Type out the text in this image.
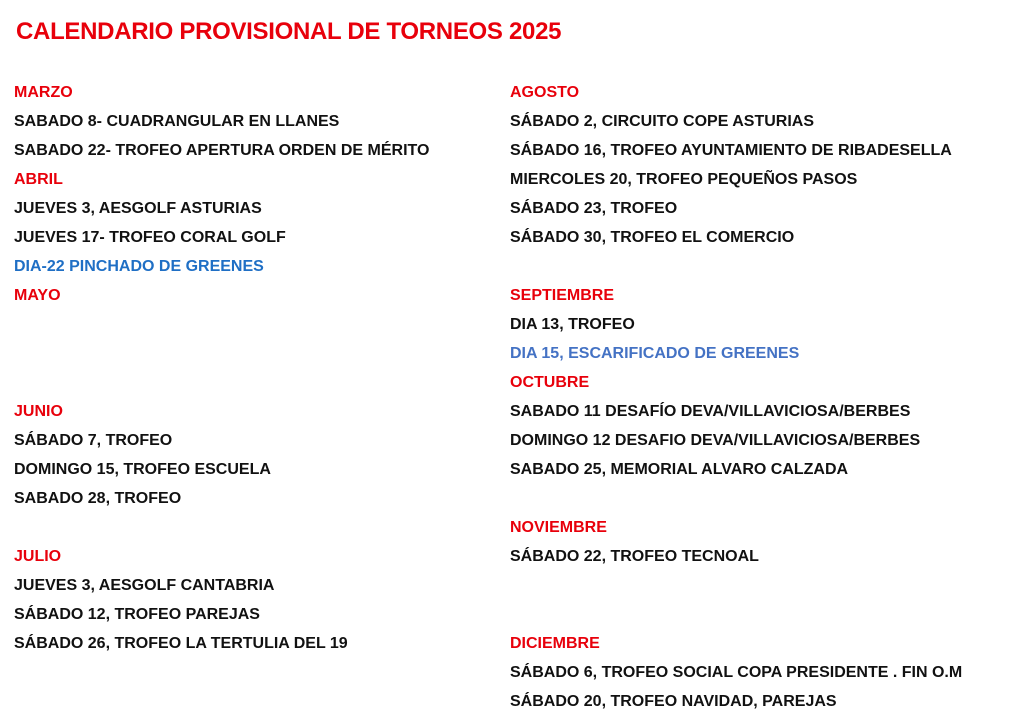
CALENDARIO PROVISIONAL DE TORNEOS 2025
MARZO
SABADO 8- CUADRANGULAR EN LLANES
SABADO 22- TROFEO APERTURA ORDEN DE MÉRITO
ABRIL
JUEVES 3, AESGOLF ASTURIAS
JUEVES 17- TROFEO CORAL GOLF
DIA-22 PINCHADO DE GREENES
MAYO
JUNIO
SÁBADO 7, TROFEO
DOMINGO 15, TROFEO ESCUELA
SABADO 28, TROFEO
JULIO
JUEVES 3, AESGOLF CANTABRIA
SÁBADO 12, TROFEO PAREJAS
SÁBADO 26, TROFEO LA TERTULIA DEL 19
AGOSTO
SÁBADO 2, CIRCUITO COPE ASTURIAS
SÁBADO 16, TROFEO AYUNTAMIENTO DE RIBADESELLA
MIERCOLES 20, TROFEO PEQUEÑOS PASOS
SÁBADO 23, TROFEO
SÁBADO 30, TROFEO EL COMERCIO
SEPTIEMBRE
DIA 13, TROFEO
DIA 15, ESCARIFICADO DE GREENES
OCTUBRE
SABADO 11 DESAFÍO DEVA/VILLAVICIOSA/BERBES
DOMINGO 12 DESAFIO DEVA/VILLAVICIOSA/BERBES
SABADO 25, MEMORIAL ALVARO CALZADA
NOVIEMBRE
SÁBADO 22, TROFEO TECNOAL
DICIEMBRE
SÁBADO 6, TROFEO SOCIAL COPA PRESIDENTE . FIN O.M
SÁBADO 20, TROFEO NAVIDAD, PAREJAS
